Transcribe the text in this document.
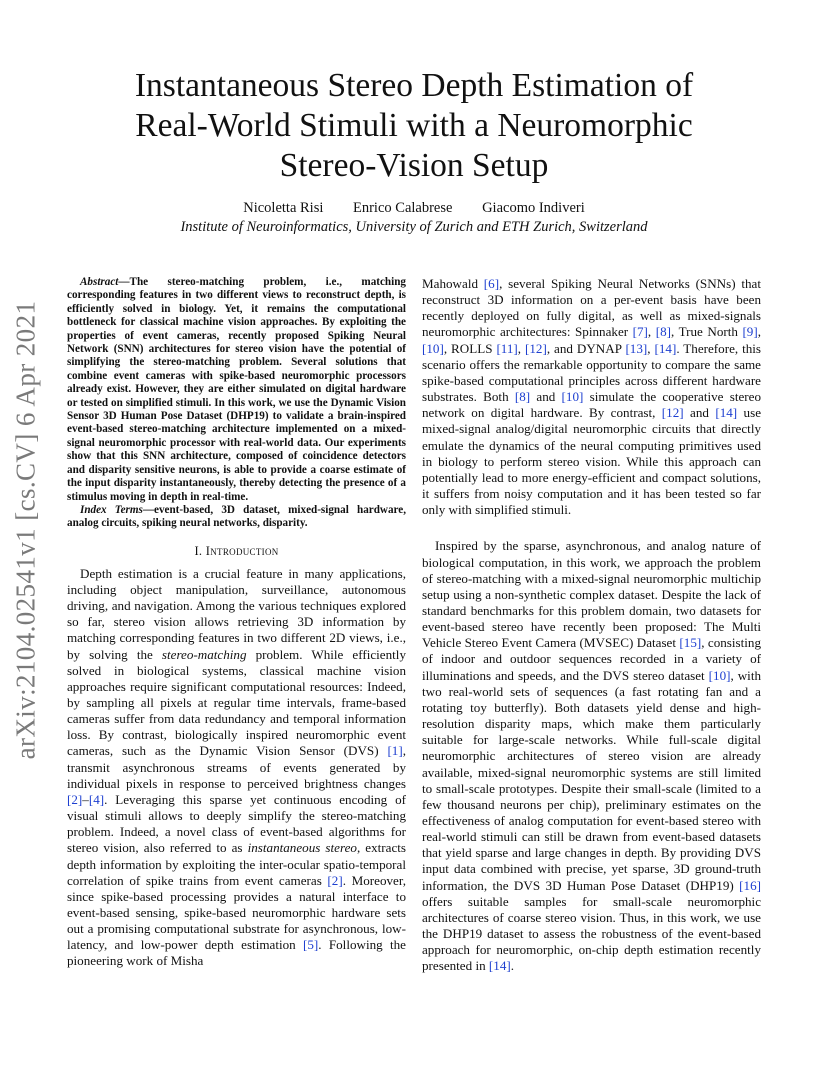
arXiv:2104.02541v1 [cs.CV] 6 Apr 2021
Instantaneous Stereo Depth Estimation of
Real-World Stimuli with a Neuromorphic
Stereo-Vision Setup
Nicoletta Risi Enrico Calabrese Giacomo Indiveri
Institute of Neuroinformatics, University of Zurich and ETH Zurich, Switzerland

Abstract—The stereo-matching problem, i.e., matching corresponding features in two different views to reconstruct depth, is efficiently solved in biology. Yet, it remains the computational bottleneck for classical machine vision approaches. By exploiting the properties of event cameras, recently proposed Spiking Neural Network (SNN) architectures for stereo vision have the potential of simplifying the stereo-matching problem. Several solutions that combine event cameras with spike-based neuromorphic processors already exist. However, they are either simulated on digital hardware or tested on simplified stimuli. In this work, we use the Dynamic Vision Sensor 3D Human Pose Dataset (DHP19) to validate a brain-inspired event-based stereo-matching architecture implemented on a mixed-signal neuromorphic processor with real-world data. Our experiments show that this SNN architecture, composed of coincidence detectors and disparity sensitive neurons, is able to provide a coarse estimate of the input disparity instantaneously, thereby detecting the presence of a stimulus moving in depth in real-time.

Index Terms—event-based, 3D dataset, mixed-signal hardware, analog circuits, spiking neural networks, disparity.

I. Introduction

Depth estimation is a crucial feature in many applications, including object manipulation, surveillance, autonomous driving, and navigation. Among the various techniques explored so far, stereo vision allows retrieving 3D information by matching corresponding features in two different 2D views, i.e., by solving the stereo-matching problem. While efficiently solved in biological systems, classical machine vision approaches require significant computational resources: Indeed, by sampling all pixels at regular time intervals, frame-based cameras suffer from data redundancy and temporal information loss. By contrast, biologically inspired neuromorphic event cameras, such as the Dynamic Vision Sensor (DVS) [1], transmit asynchronous streams of events generated by individual pixels in response to perceived brightness changes [2]–[4]. Leveraging this sparse yet continuous encoding of visual stimuli allows to deeply simplify the stereo-matching problem. Indeed, a novel class of event-based algorithms for stereo vision, also referred to as instantaneous stereo, extracts depth information by exploiting the inter-ocular spatio-temporal correlation of spike trains from event cameras [2]. Moreover, since spike-based processing provides a natural interface to event-based sensing, spike-based neuromorphic hardware sets out a promising computational substrate for asynchronous, low-latency, and low-power depth estimation [5]. Following the pioneering work of Misha

Mahowald [6], several Spiking Neural Networks (SNNs) that reconstruct 3D information on a per-event basis have been recently deployed on fully digital, as well as mixed-signals neuromorphic architectures: Spinnaker [7], [8], True North [9], [10], ROLLS [11], [12], and DYNAP [13], [14]. Therefore, this scenario offers the remarkable opportunity to compare the same spike-based computational principles across different hardware substrates. Both [8] and [10] simulate the cooperative stereo network on digital hardware. By contrast, [12] and [14] use mixed-signal analog/digital neuromorphic circuits that directly emulate the dynamics of the neural computing primitives used in biology to perform stereo vision. While this approach can potentially lead to more energy-efficient and compact solutions, it suffers from noisy computation and it has been tested so far only with simplified stimuli.

Inspired by the sparse, asynchronous, and analog nature of biological computation, in this work, we approach the problem of stereo-matching with a mixed-signal neuromorphic multichip setup using a non-synthetic complex dataset. Despite the lack of standard benchmarks for this problem domain, two datasets for event-based stereo have recently been proposed: The Multi Vehicle Stereo Event Camera (MVSEC) Dataset [15], consisting of indoor and outdoor sequences recorded in a variety of illuminations and speeds, and the DVS stereo dataset [10], with two real-world sets of sequences (a fast rotating fan and a rotating toy butterfly). Both datasets yield dense and high-resolution disparity maps, which make them particularly suitable for large-scale networks. While full-scale digital neuromorphic architectures of stereo vision are already available, mixed-signal neuromorphic systems are still limited to small-scale prototypes. Despite their small-scale (limited to a few thousand neurons per chip), preliminary estimates on the effectiveness of analog computation for event-based stereo with real-world stimuli can still be drawn from event-based datasets that yield sparse and large changes in depth. By providing DVS input data combined with precise, yet sparse, 3D ground-truth information, the DVS 3D Human Pose Dataset (DHP19) [16] offers suitable samples for small-scale neuromorphic architectures of coarse stereo vision. Thus, in this work, we use the DHP19 dataset to assess the robustness of the event-based approach for neuromorphic, on-chip depth estimation recently presented in [14].
